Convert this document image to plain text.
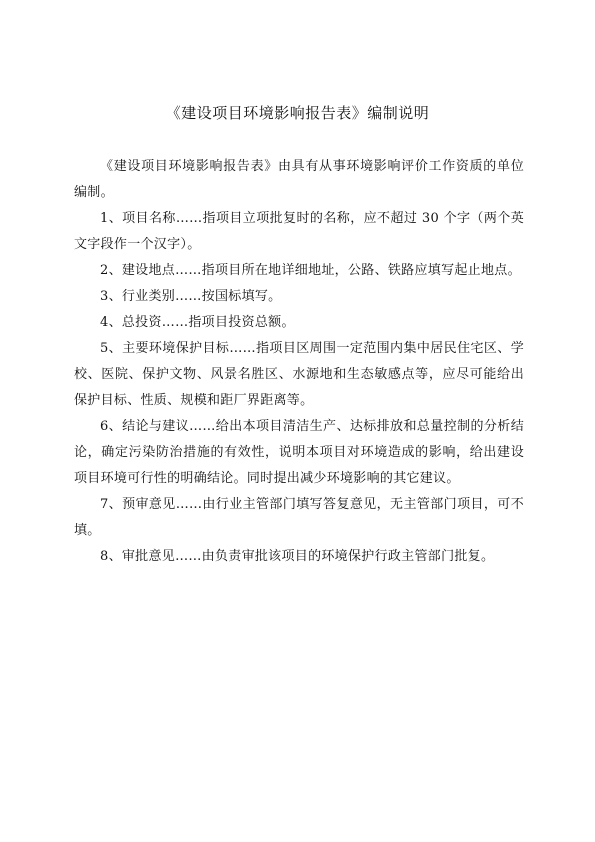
《建设项目环境影响报告表》编制说明

《建设项目环境影响报告表》由具有从事环境影响评价工作资质的单位编制。

1、项目名称……指项目立项批复时的名称，应不超过 30 个字（两个英文字段作一个汉字）。

2、建设地点……指项目所在地详细地址，公路、铁路应填写起止地点。

3、行业类别……按国标填写。

4、总投资……指项目投资总额。

5、主要环境保护目标……指项目区周围一定范围内集中居民住宅区、学校、医院、保护文物、风景名胜区、水源地和生态敏感点等，应尽可能给出保护目标、性质、规模和距厂界距离等。

6、结论与建议……给出本项目清洁生产、达标排放和总量控制的分析结论，确定污染防治措施的有效性，说明本项目对环境造成的影响，给出建设项目环境可行性的明确结论。同时提出减少环境影响的其它建议。

7、预审意见……由行业主管部门填写答复意见，无主管部门项目，可不填。

8、审批意见……由负责审批该项目的环境保护行政主管部门批复。
